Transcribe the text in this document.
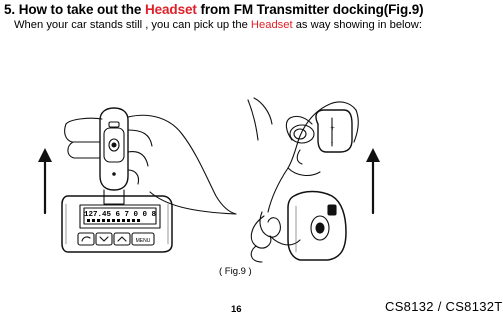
5. How to take out the Headset from FM Transmitter docking(Fig.9)
When your car stands still , you can pick up the Headset as way showing in below:
127.45 6 7 0 0 8
MENU
+
-
( Fig.9 )
16	CS8132 / CS8132T
